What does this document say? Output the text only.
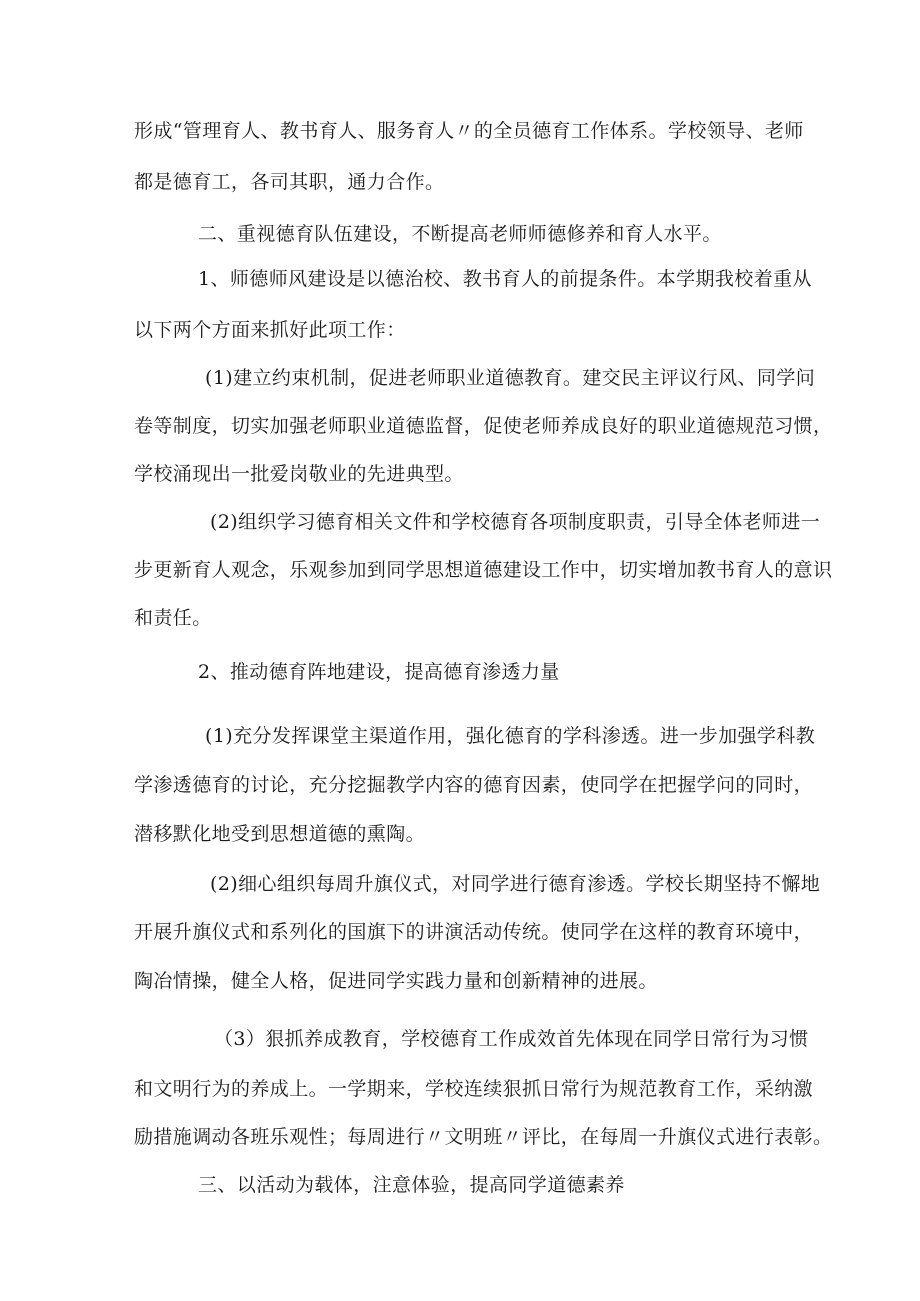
形成“管理育人、教书育人、服务育人〃的全员德育工作体系。学校领导、老师
都是德育工，各司其职，通力合作。
二、重视德育队伍建设，不断提高老师师德修养和育人水平。
1、师德师风建设是以德治校、教书育人的前提条件。本学期我校着重从
以下两个方面来抓好此项工作：
(1)建立约束机制，促进老师职业道德教育。建交民主评议行风、同学问
卷等制度，切实加强老师职业道德监督，促使老师养成良好的职业道德规范习惯，
学校涌现出一批爱岗敬业的先进典型。
(2)组织学习德育相关文件和学校德育各项制度职责，引导全体老师进一
步更新育人观念，乐观参加到同学思想道德建设工作中，切实增加教书育人的意识
和责任。
2、推动德育阵地建设，提高德育渗透力量
(1)充分发挥课堂主渠道作用，强化德育的学科渗透。进一步加强学科教
学渗透德育的讨论，充分挖掘教学内容的德育因素，使同学在把握学问的同时，
潜移默化地受到思想道德的熏陶。
(2)细心组织每周升旗仪式，对同学进行德育渗透。学校长期坚持不懈地
开展升旗仪式和系列化的国旗下的讲演活动传统。使同学在这样的教育环境中，
陶冶情操，健全人格，促进同学实践力量和创新精神的进展。
（3）狠抓养成教育，学校德育工作成效首先体现在同学日常行为习惯
和文明行为的养成上。一学期来，学校连续狠抓日常行为规范教育工作，采纳激
励措施调动各班乐观性；每周进行〃文明班〃评比，在每周一升旗仪式进行表彰。
三、以活动为载体，注意体验，提高同学道德素养
